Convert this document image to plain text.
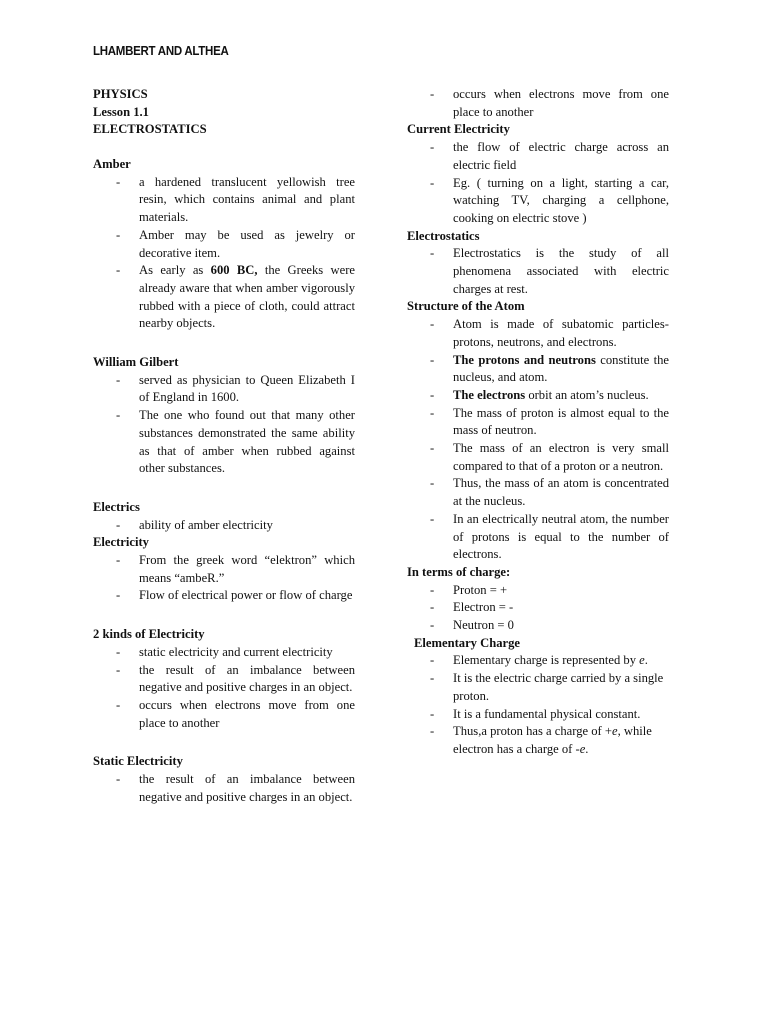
LHAMBERT AND ALTHEA
PHYSICS
Lesson 1.1
ELECTROSTATICS
Amber
- a hardened translucent yellowish tree resin, which contains animal and plant materials.
- Amber may be used as jewelry or decorative item.
- As early as 600 BC, the Greeks were already aware that when amber vigorously rubbed with a piece of cloth, could attract nearby objects.
William Gilbert
- served as physician to Queen Elizabeth I of England in 1600.
- The one who found out that many other substances demonstrated the same ability as that of amber when rubbed against other substances.
Electrics
- ability of amber electricity
Electricity
- From the greek word “elektron” which means “ambeR.”
- Flow of electrical power or flow of charge
2 kinds of Electricity
- static electricity and current electricity
- the result of an imbalance between negative and positive charges in an object.
- occurs when electrons move from one place to another
Static Electricity
- the result of an imbalance between negative and positive charges in an object.
- occurs when electrons move from one place to another
Current Electricity
- the flow of electric charge across an electric field
- Eg. ( turning on a light, starting a car, watching TV, charging a cellphone, cooking on electric stove )
Electrostatics
- Electrostatics is the study of all phenomena associated with electric charges at rest.
Structure of the Atom
- Atom is made of subatomic particles-protons, neutrons, and electrons.
- The protons and neutrons constitute the nucleus, and atom.
- The electrons orbit an atom’s nucleus.
- The mass of proton is almost equal to the mass of neutron.
- The mass of an electron is very small compared to that of a proton or a neutron.
- Thus, the mass of an atom is concentrated at the nucleus.
- In an electrically neutral atom, the number of protons is equal to the number of electrons.
In terms of charge:
- Proton = +
- Electron = -
- Neutron = 0
Elementary Charge
- Elementary charge is represented by e.
- It is the electric charge carried by a single proton.
- It is a fundamental physical constant.
- Thus,a proton has a charge of +e, while electron has a charge of -e.
